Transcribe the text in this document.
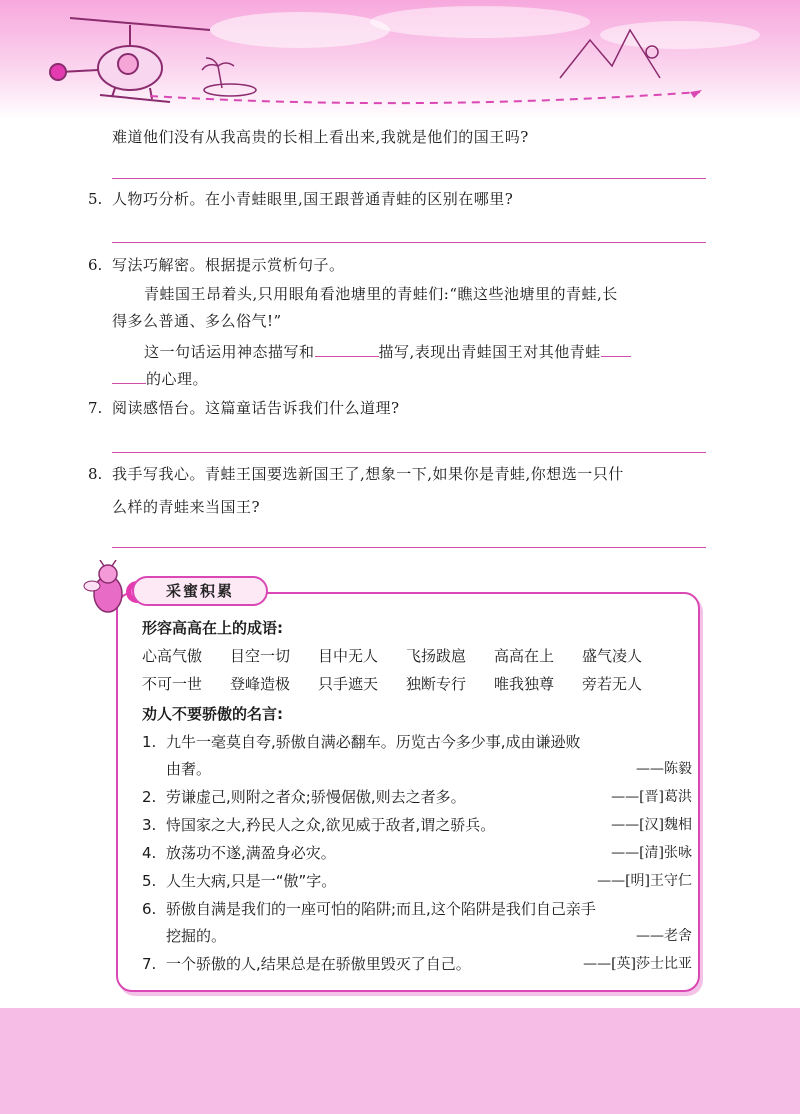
难道他们没有从我高贵的长相上看出来,我就是他们的国王吗?
5. 人物巧分析。在小青蛙眼里,国王跟普通青蛙的区别在哪里?
6. 写法巧解密。根据提示赏析句子。
青蛙国王昂着头,只用眼角看池塘里的青蛙们:“瞧这些池塘里的青蛙,长
得多么普通、多么俗气!”
这一句话运用神态描写和	描写,表现出青蛙国王对其他青蛙
的心理。
7. 阅读感悟台。这篇童话告诉我们什么道理?
8. 我手写我心。青蛙王国要选新国王了,想象一下,如果你是青蛙,你想选一只什
么样的青蛙来当国王?
采蜜积累
形容高高在上的成语:
心高气傲 目空一切 目中无人 飞扬跋扈 高高在上 盛气凌人
不可一世 登峰造极 只手遮天 独断专行 唯我独尊 旁若无人
劝人不要骄傲的名言:
1. 九牛一毫莫自夸,骄傲自满必翻车。历览古今多少事,成由谦逊败
由奢。	——陈毅
2. 劳谦虚己,则附之者众;骄慢倨傲,则去之者多。	——[晋]葛洪
3. 恃国家之大,矜民人之众,欲见威于敌者,谓之骄兵。	——[汉]魏相
4. 放荡功不遂,满盈身必灾。	——[清]张咏
5. 人生大病,只是一“傲”字。	——[明]王守仁
6. 骄傲自满是我们的一座可怕的陷阱;而且,这个陷阱是我们自己亲手
挖掘的。	——老舍
7. 一个骄傲的人,结果总是在骄傲里毁灭了自己。	——[英]莎士比亚
